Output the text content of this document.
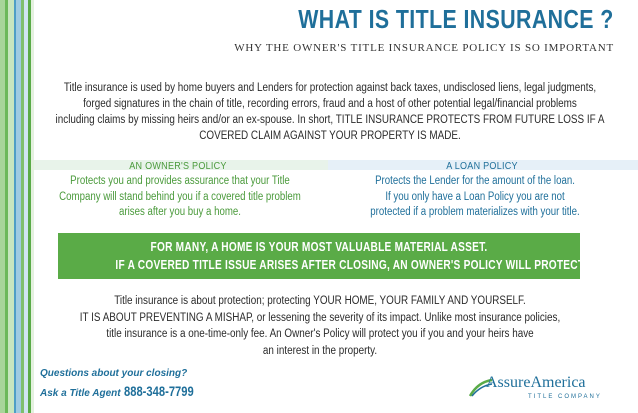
WHAT IS TITLE INSURANCE ?
WHY THE OWNER'S TITLE INSURANCE POLICY IS SO IMPORTANT
Title insurance is used by home buyers and Lenders for protection against back taxes, undisclosed liens, legal judgments,
forged signatures in the chain of title, recording errors, fraud and a host of other potential legal/financial problems
including claims by missing heirs and/or an ex-spouse. In short, TITLE INSURANCE PROTECTS FROM FUTURE LOSS IF A
COVERED CLAIM AGAINST YOUR PROPERTY IS MADE.
AN OWNER'S POLICY	A LOAN POLICY
Protects you and provides assurance that your Title
Company will stand behind you if a covered title problem
arises after you buy a home.
Protects the Lender for the amount of the loan.
If you only have a Loan Policy you are not
protected if a problem materializes with your title.
FOR MANY, A HOME IS YOUR MOST VALUABLE MATERIAL ASSET.
IF A COVERED TITLE ISSUE ARISES AFTER CLOSING, AN OWNER'S POLICY WILL PROTECT YOU.
Title insurance is about protection; protecting YOUR HOME, YOUR FAMILY AND YOURSELF.
IT IS ABOUT PREVENTING A MISHAP, or lessening the severity of its impact. Unlike most insurance policies,
title insurance is a one-time-only fee. An Owner's Policy will protect you if you and your heirs have
an interest in the property.
Questions about your closing?
Ask a Title Agent 888-348-7799	AssureAmerica
TITLE COMPANY
